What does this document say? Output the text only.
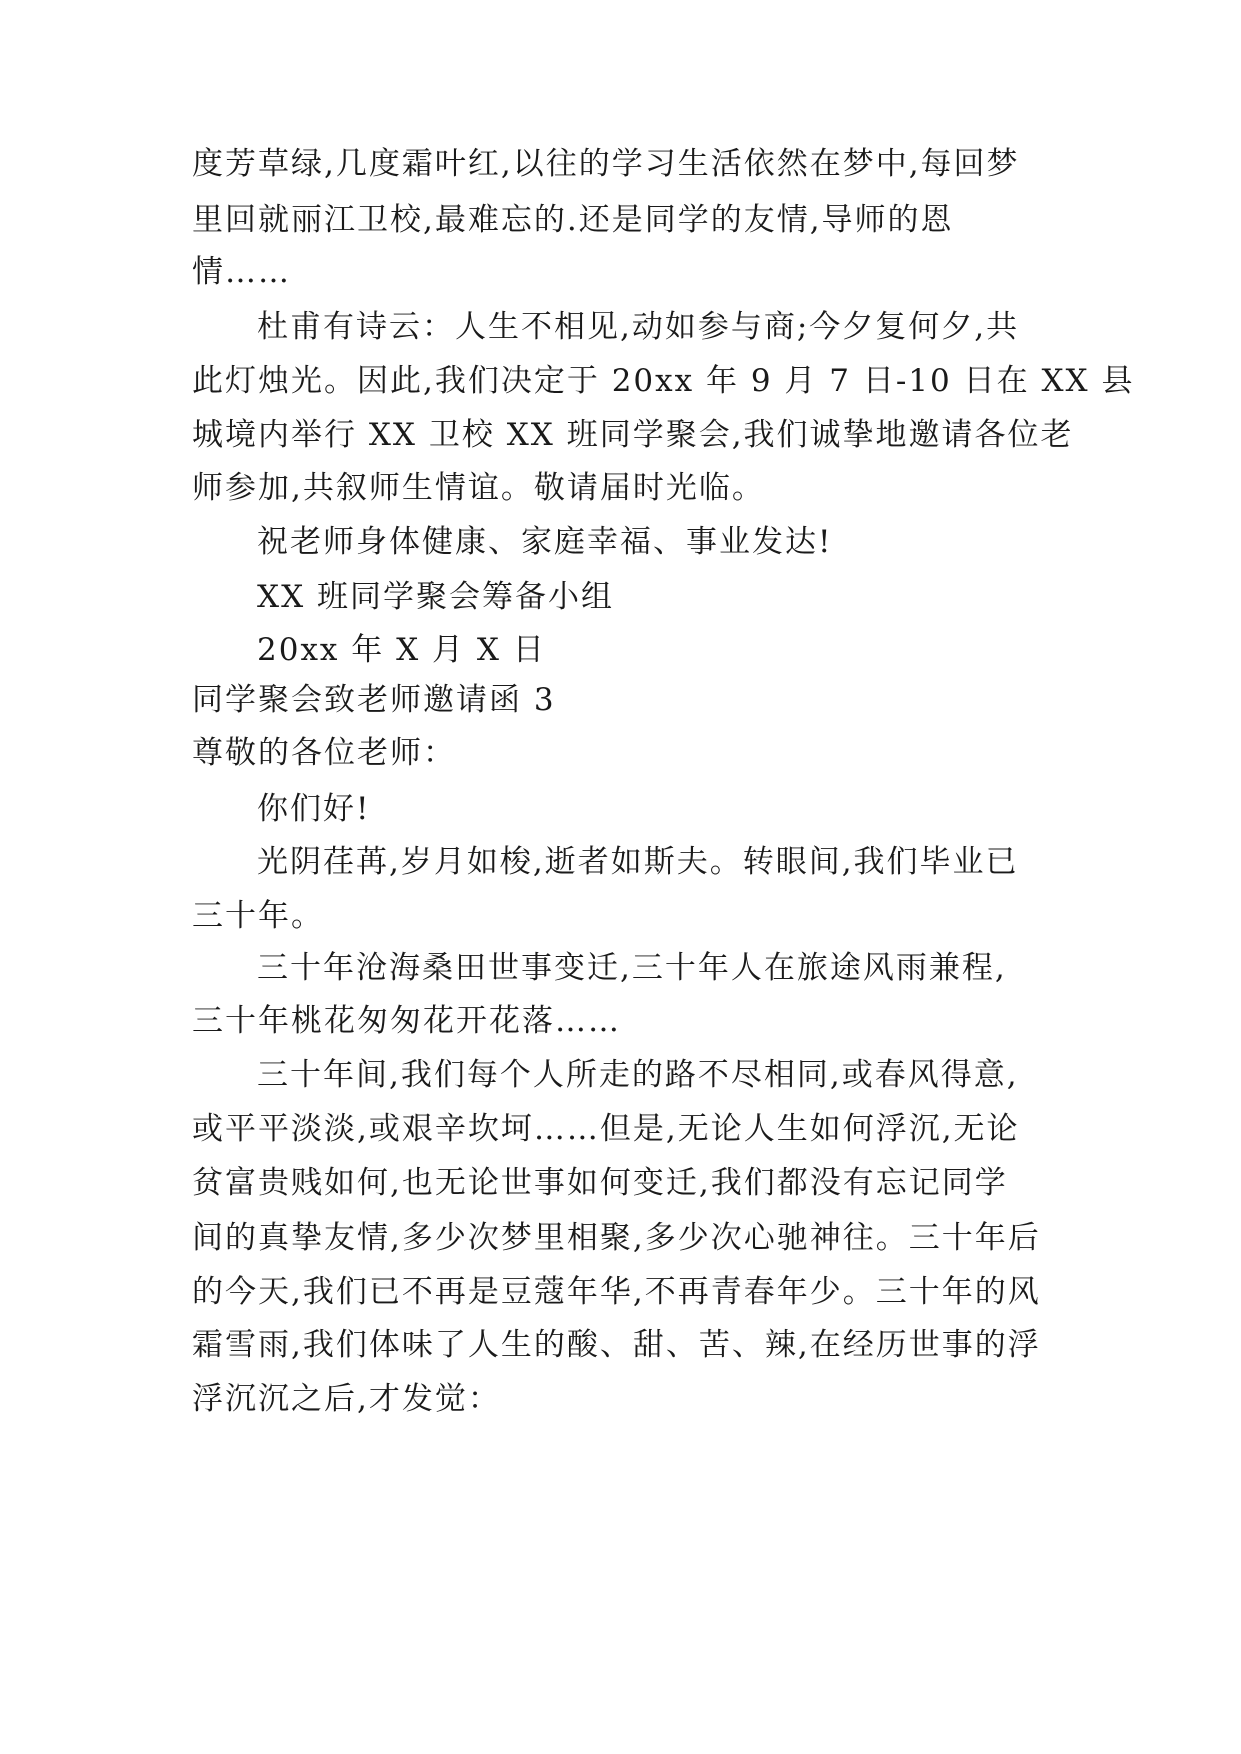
度芳草绿,几度霜叶红,以往的学习生活依然在梦中,每回梦
里回就丽江卫校,最难忘的.还是同学的友情,导师的恩
情……
杜甫有诗云：人生不相见,动如参与商;今夕复何夕,共
此灯烛光。因此,我们决定于 20xx 年 9 月 7 日-10 日在 XX 县
城境内举行 XX 卫校 XX 班同学聚会,我们诚挚地邀请各位老
师参加,共叙师生情谊。敬请届时光临。
祝老师身体健康、家庭幸福、事业发达!
XX 班同学聚会筹备小组
20xx 年 X 月 X 日
同学聚会致老师邀请函 3
尊敬的各位老师：
你们好!
光阴荏苒,岁月如梭,逝者如斯夫。转眼间,我们毕业已
三十年。
三十年沧海桑田世事变迁,三十年人在旅途风雨兼程,
三十年桃花匆匆花开花落……
三十年间,我们每个人所走的路不尽相同,或春风得意,
或平平淡淡,或艰辛坎坷……但是,无论人生如何浮沉,无论
贫富贵贱如何,也无论世事如何变迁,我们都没有忘记同学
间的真挚友情,多少次梦里相聚,多少次心驰神往。三十年后
的今天,我们已不再是豆蔻年华,不再青春年少。三十年的风
霜雪雨,我们体味了人生的酸、甜、苦、辣,在经历世事的浮
浮沉沉之后,才发觉：
